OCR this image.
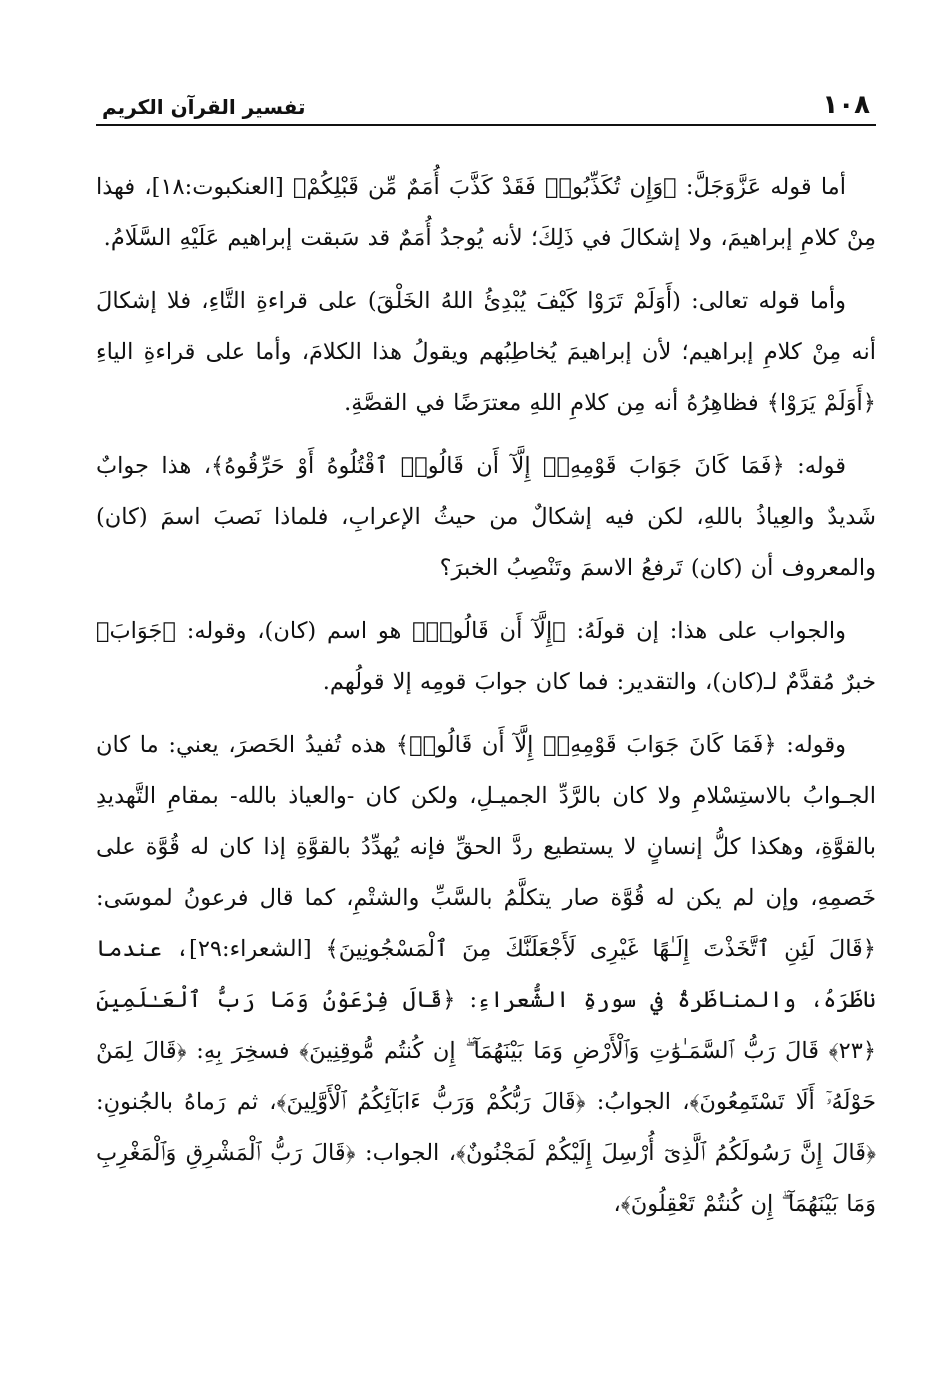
١٠٨
تفسير القرآن الكريم

أما قوله عَزَّوَجَلَّ: ﴿وَإِن تُكَذِّبُوا۟ فَقَدْ كَذَّبَ أُمَمٌ مِّن قَبْلِكُمْ﴾ [العنكبوت:١٨]، فهذا مِنْ كلامِ إبراهيمَ، ولا إشكالَ في ذَلِكَ؛ لأنه يُوجدُ أُمَمٌ قد سَبقت إبراهيم عَلَيْهِ السَّلَامُ.

وأما قوله تعالى: (أَوَلَمْ تَرَوْا كَيْفَ يُبْدِئُ اللهُ الخَلْقَ) على قراءةِ التَّاءِ، فلا إشكالَ أنه مِنْ كلامِ إبراهيم؛ لأن إبراهيمَ يُخاطِبُهم ويقولُ هذا الكلامَ، وأما على قراءةِ الياءِ ﴿أَوَلَمْ يَرَوْا﴾ فظاهِرُهُ أنه مِن كلامِ اللهِ معترَضًا في القصَّةِ.

قوله: ﴿فَمَا كَانَ جَوَابَ قَوْمِهِۦٓ إِلَّآ أَن قَالُوا۟ ٱقْتُلُوهُ أَوْ حَرِّقُوهُ﴾، هذا جوابٌ شَديدٌ والعِياذُ باللهِ، لكن فيه إشكالٌ من حيثُ الإعرابِ، فلماذا نَصبَ اسمَ (كان) والمعروف أن (كان) تَرفعُ الاسمَ وتَنْصِبُ الخبرَ؟

والجواب على هذا: إن قولَهُ: ﴿إِلَّآ أَن قَالُوا۟﴾ هو اسم (كان)، وقوله: ﴿جَوَابَ﴾ خبرٌ مُقدَّمٌ لـ(كان)، والتقدير: فما كان جوابَ قومِه إلا قولُهم.

وقوله: ﴿فَمَا كَانَ جَوَابَ قَوْمِهِۦٓ إِلَّآ أَن قَالُوا۟﴾ هذه تُفيدُ الحَصرَ، يعني: ما كان الجـوابُ بالاستِسْلامِ ولا كان بالرَّدِّ الجميـلِ، ولكن كان -والعياذ بالله- بمقامِ التَّهديدِ بالقوَّةِ، وهكذا كلُّ إنسانٍ لا يستطيع ردَّ الحقِّ فإنه يُهدِّدُ بالقوَّةِ إذا كان له قُوَّة على خَصمِهِ، وإن لم يكن له قُوَّة صار يتكلَّمُ بالسَّبِّ والشتْمِ، كما قال فرعونُ لموسَى: ﴿قَالَ لَئِنِ ٱتَّخَذْتَ إِلَـٰهًا غَيْرِى لَأَجْعَلَنَّكَ مِنَ ٱلْمَسْجُونِينَ﴾ [الشعراء:٢٩]، عندما ناظَرَهُ، والمناظَرةُ في سورةِ الشُّعراءِ: ﴿قَالَ فِرْعَوْنُ وَمَا رَبُّ ٱلْعَـٰلَمِينَ ﴿٢٣﴾ قَالَ رَبُّ ٱلسَّمَـٰوَٰتِ وَٱلْأَرْضِ وَمَا بَيْنَهُمَآ ۖ إِن كُنتُم مُّوقِنِينَ﴾ فسخِرَ بِهِ: ﴿قَالَ لِمَنْ حَوْلَهُۥٓ أَلَا تَسْتَمِعُونَ﴾، الجوابُ: ﴿قَالَ رَبُّكُمْ وَرَبُّ ءَابَآئِكُمُ ٱلْأَوَّلِينَ﴾، ثم رَماهُ بالجُنونِ: ﴿قَالَ إِنَّ رَسُولَكُمُ ٱلَّذِىٓ أُرْسِلَ إِلَيْكُمْ لَمَجْنُونٌ﴾، الجواب: ﴿قَالَ رَبُّ ٱلْمَشْرِقِ وَٱلْمَغْرِبِ وَمَا بَيْنَهُمَآ ۖ إِن كُنتُمْ تَعْقِلُونَ﴾،
